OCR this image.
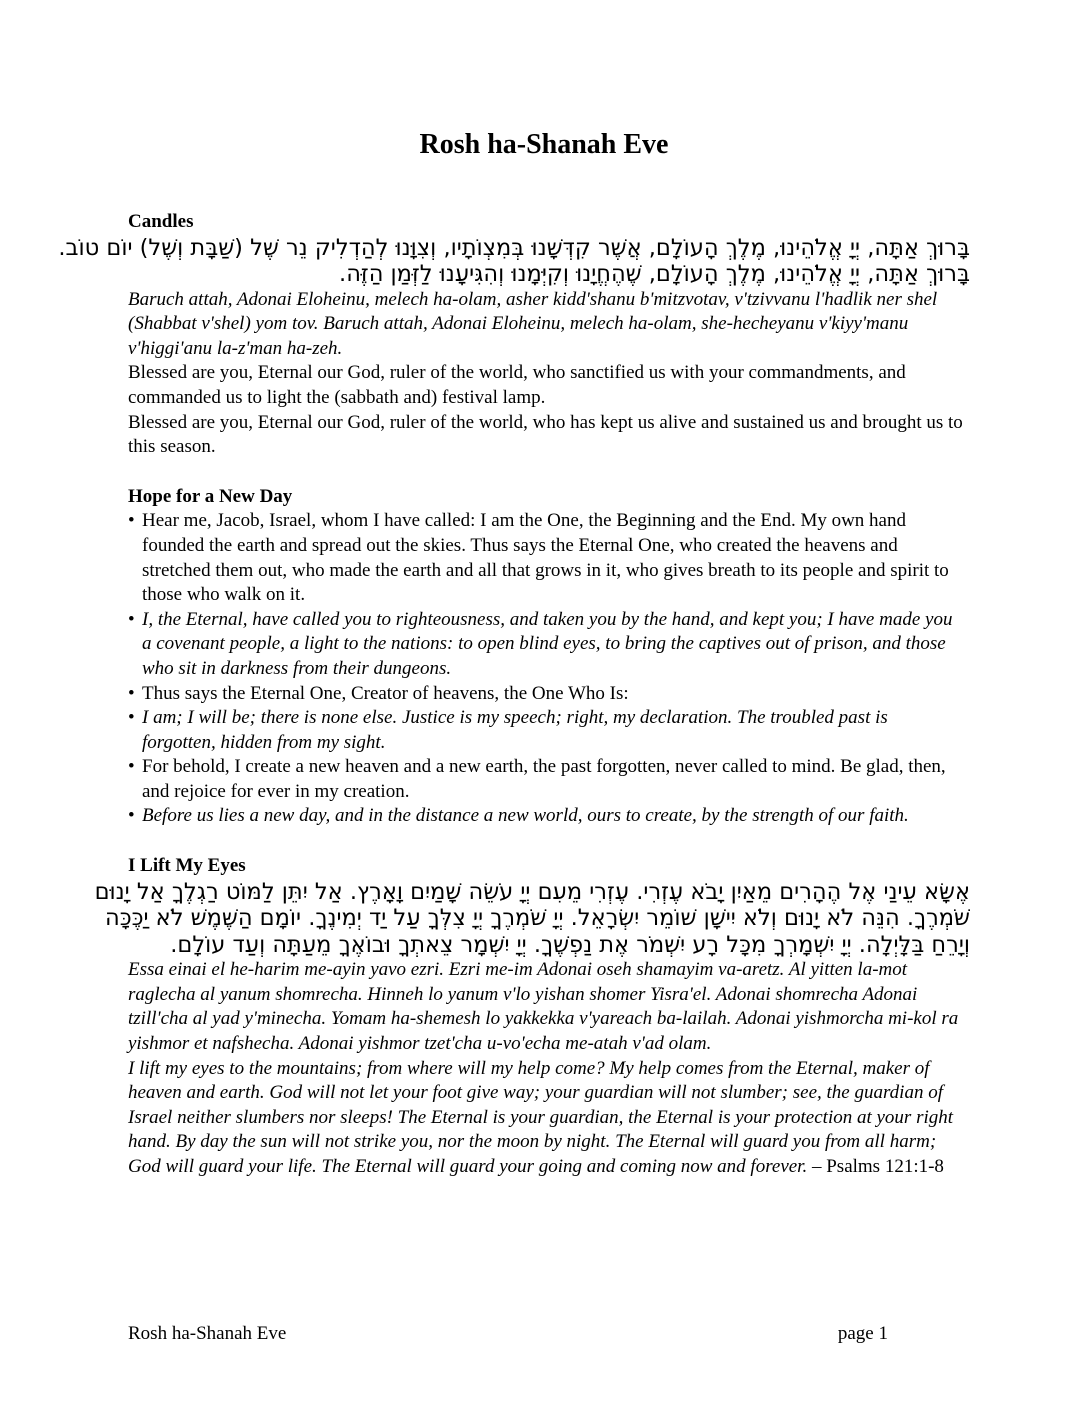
Rosh ha-Shanah Eve
Candles
בָּרוּךְ אַתָּה, יְיָ אֱלֹהֵינוּ, מֶלֶךְ הָעוֹלָם, אֲשֶׁר קִדְּשָׁנוּ בְּמִצְוֹתָיו, וְצִוָּנוּ לְהַדְלִיק נֵר שֶׁל (שַׁבָּת וְשֶׁל) יוֹם טוֹב.
בָּרוּךְ אַתָּה, יְיָ אֱלֹהֵינוּ, מֶלֶךְ הָעוֹלָם, שֶׁהֶחֱיָנוּ וְקִיְּמָנוּ וְהִגִּיעָנוּ לַזְּמַן הַזֶּה.

Baruch attah, Adonai Eloheinu, melech ha-olam, asher kidd'shanu b'mitzvotav, v'tzivvanu l'hadlik ner shel (Shabbat v'shel) yom tov. Baruch attah, Adonai Eloheinu, melech ha-olam, she-hecheyanu v'kiyy'manu v'higgi'anu la-z'man ha-zeh.

Blessed are you, Eternal our God, ruler of the world, who sanctified us with your commandments, and commanded us to light the (sabbath and) festival lamp.

Blessed are you, Eternal our God, ruler of the world, who has kept us alive and sustained us and brought us to this season.

Hope for a New Day
• Hear me, Jacob, Israel, whom I have called: I am the One, the Beginning and the End. My own hand founded the earth and spread out the skies. Thus says the Eternal One, who created the heavens and stretched them out, who made the earth and all that grows in it, who gives breath to its people and spirit to those who walk on it.
• I, the Eternal, have called you to righteousness, and taken you by the hand, and kept you; I have made you a covenant people, a light to the nations: to open blind eyes, to bring the captives out of prison, and those who sit in darkness from their dungeons.
• Thus says the Eternal One, Creator of heavens, the One Who Is:
• I am; I will be; there is none else. Justice is my speech; right, my declaration. The troubled past is forgotten, hidden from my sight.
• For behold, I create a new heaven and a new earth, the past forgotten, never called to mind. Be glad, then, and rejoice for ever in my creation.
• Before us lies a new day, and in the distance a new world, ours to create, by the strength of our faith.
I Lift My Eyes
אֶשָּׂא עֵינַי אֶל הֶהָרִים מֵאַיִן יָבֹא עֶזְרִי. עֶזְרִי מֵעִם יְיָ עֹשֵׂה שָׁמַיִם וָאָרֶץ. אַל יִתֵּן לַמּוֹט רַגְלֶךָ אַל יָנוּם
שֹׁמְרֶךָ. הִנֵּה לֹא יָנוּם וְלֹא יִישָׁן שׁוֹמֵר יִשְׂרָאֵל. יְיָ שֹׁמְרֶךָ יְיָ צִלְּךָ עַל יַד יְמִינֶךָ. יוֹמָם הַשֶּׁמֶשׁ לֹא יַכֶּכָּה
וְיָרֵחַ בַּלָּיְלָה. יְיָ יִשְׁמָרְךָ מִכָּל רָע יִשְׁמֹר אֶת נַפְשֶׁךָ. יְיָ יִשְׁמָר צֵאתְךָ וּבוֹאֶךָ מֵעַתָּה וְעַד עוֹלָם.

Essa einai el he-harim me-ayin yavo ezri. Ezri me-im Adonai oseh shamayim va-aretz. Al yitten la-mot raglecha al yanum shomrecha. Hinneh lo yanum v'lo yishan shomer Yisra'el. Adonai shomrecha Adonai tzill'cha al yad y'minecha. Yomam ha-shemesh lo yakkekka v'yareach ba-lailah. Adonai yishmorcha mi-kol ra yishmor et nafshecha. Adonai yishmor tzet'cha u-vo'echa me-atah v'ad olam.

I lift my eyes to the mountains; from where will my help come? My help comes from the Eternal, maker of heaven and earth. God will not let your foot give way; your guardian will not slumber; see, the guardian of Israel neither slumbers nor sleeps! The Eternal is your guardian, the Eternal is your protection at your right hand. By day the sun will not strike you, nor the moon by night. The Eternal will guard you from all harm; God will guard your life. The Eternal will guard your going and coming now and forever. – Psalms 121:1-8

Rosh ha-Shanah Eve	page 1
